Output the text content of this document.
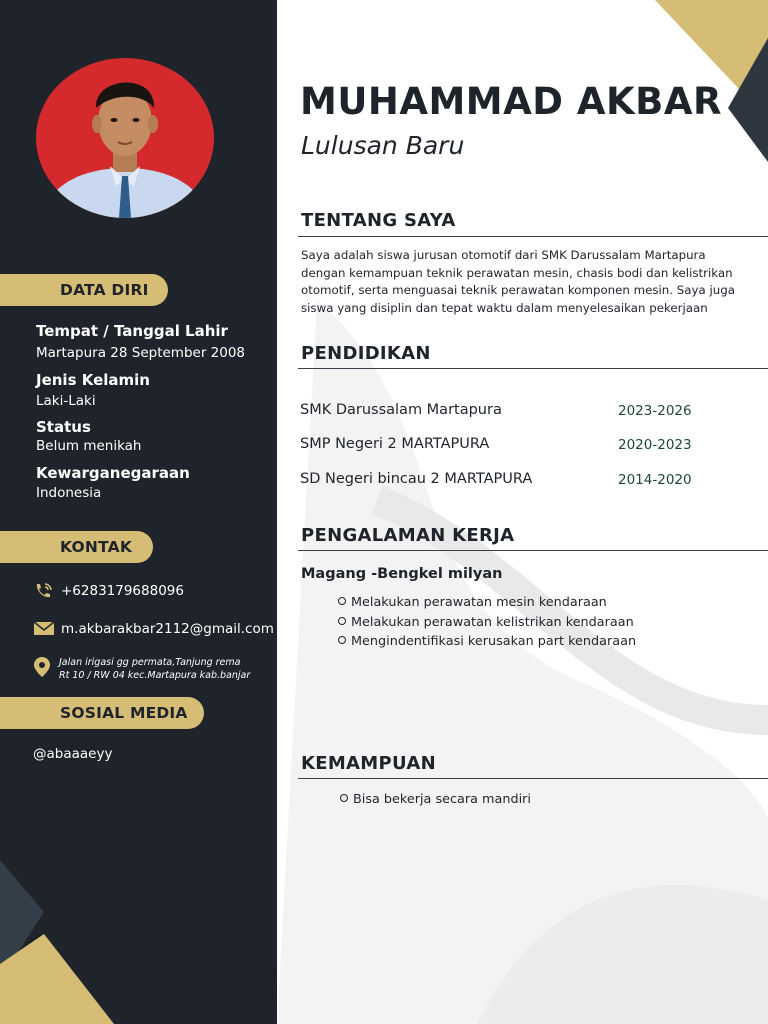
DATA DIRI
Tempat / Tanggal Lahir
Martapura 28 September 2008
Jenis Kelamin
Laki-Laki
Status
Belum menikah
Kewarganegaraan
Indonesia
KONTAK
+6283179688096
m.akbarakbar2112@gmail.com
Jalan irigasi gg permata,Tanjung rema
Rt 10 / RW 04 kec.Martapura kab.banjar
SOSIAL MEDIA
@abaaaeyy
MUHAMMAD AKBAR
Lulusan Baru
TENTANG SAYA
Saya adalah siswa jurusan otomotif dari SMK Darussalam Martapura dengan kemampuan teknik perawatan mesin, chasis bodi dan kelistrikan otomotif, serta menguasai teknik perawatan komponen mesin. Saya juga siswa yang disiplin dan tepat waktu dalam menyelesaikan pekerjaan
PENDIDIKAN
SMK Darussalam Martapura	2023-2026
SMP Negeri 2 MARTAPURA	2020-2023
SD Negeri bincau 2 MARTAPURA	2014-2020
PENGALAMAN KERJA
Magang -Bengkel milyan
Melakukan perawatan mesin kendaraan
Melakukan perawatan kelistrikan kendaraan
Mengindentifikasi kerusakan part kendaraan
KEMAMPUAN
Bisa bekerja secara mandiri
